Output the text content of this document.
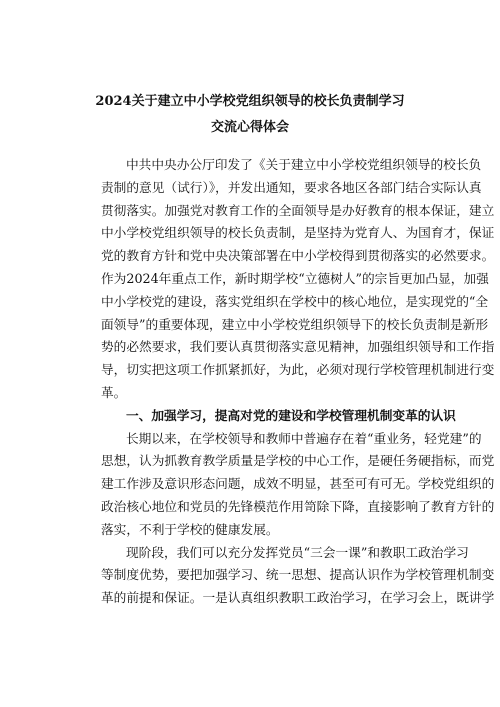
2024关于建立中小学校党组织领导的校长负责制学习
交流心得体会
中共中央办公厅印发了《关于建立中小学校党组织领导的校长负
责制的意见（试行）》，并发出通知，要求各地区各部门结合实际认真
贯彻落实。加强党对教育工作的全面领导是办好教育的根本保证，建立
中小学校党组织领导的校长负责制，是坚持为党育人、为国育才，保证
党的教育方针和党中央决策部署在中小学校得到贯彻落实的必然要求。
作为2024年重点工作，新时期学校“立德树人”的宗旨更加凸显，加强
中小学校党的建设，落实党组织在学校中的核心地位，是实现党的“全
面领导”的重要体现，建立中小学校党组织领导下的校长负责制是新形
势的必然要求，我们要认真贯彻落实意见精神，加强组织领导和工作指
导，切实把这项工作抓紧抓好，为此，必须对现行学校管理机制进行变
革。
一、加强学习，提高对党的建设和学校管理机制变革的认识
长期以来，在学校领导和教师中普遍存在着“重业务，轻党建”的
思想，认为抓教育教学质量是学校的中心工作，是硬任务硬指标，而党
建工作涉及意识形态问题，成效不明显，甚至可有可无。学校党组织的
政治核心地位和党员的先锋模范作用笥除下降，直接影响了教育方针的
落实，不利于学校的健康发展。
现阶段，我们可以充分发挥党员“三会一课”和教职工政治学习
等制度优势，要把加强学习、统一思想、提高认识作为学校管理机制变
革的前提和保证。一是认真组织教职工政治学习，在学习会上，既讲学
